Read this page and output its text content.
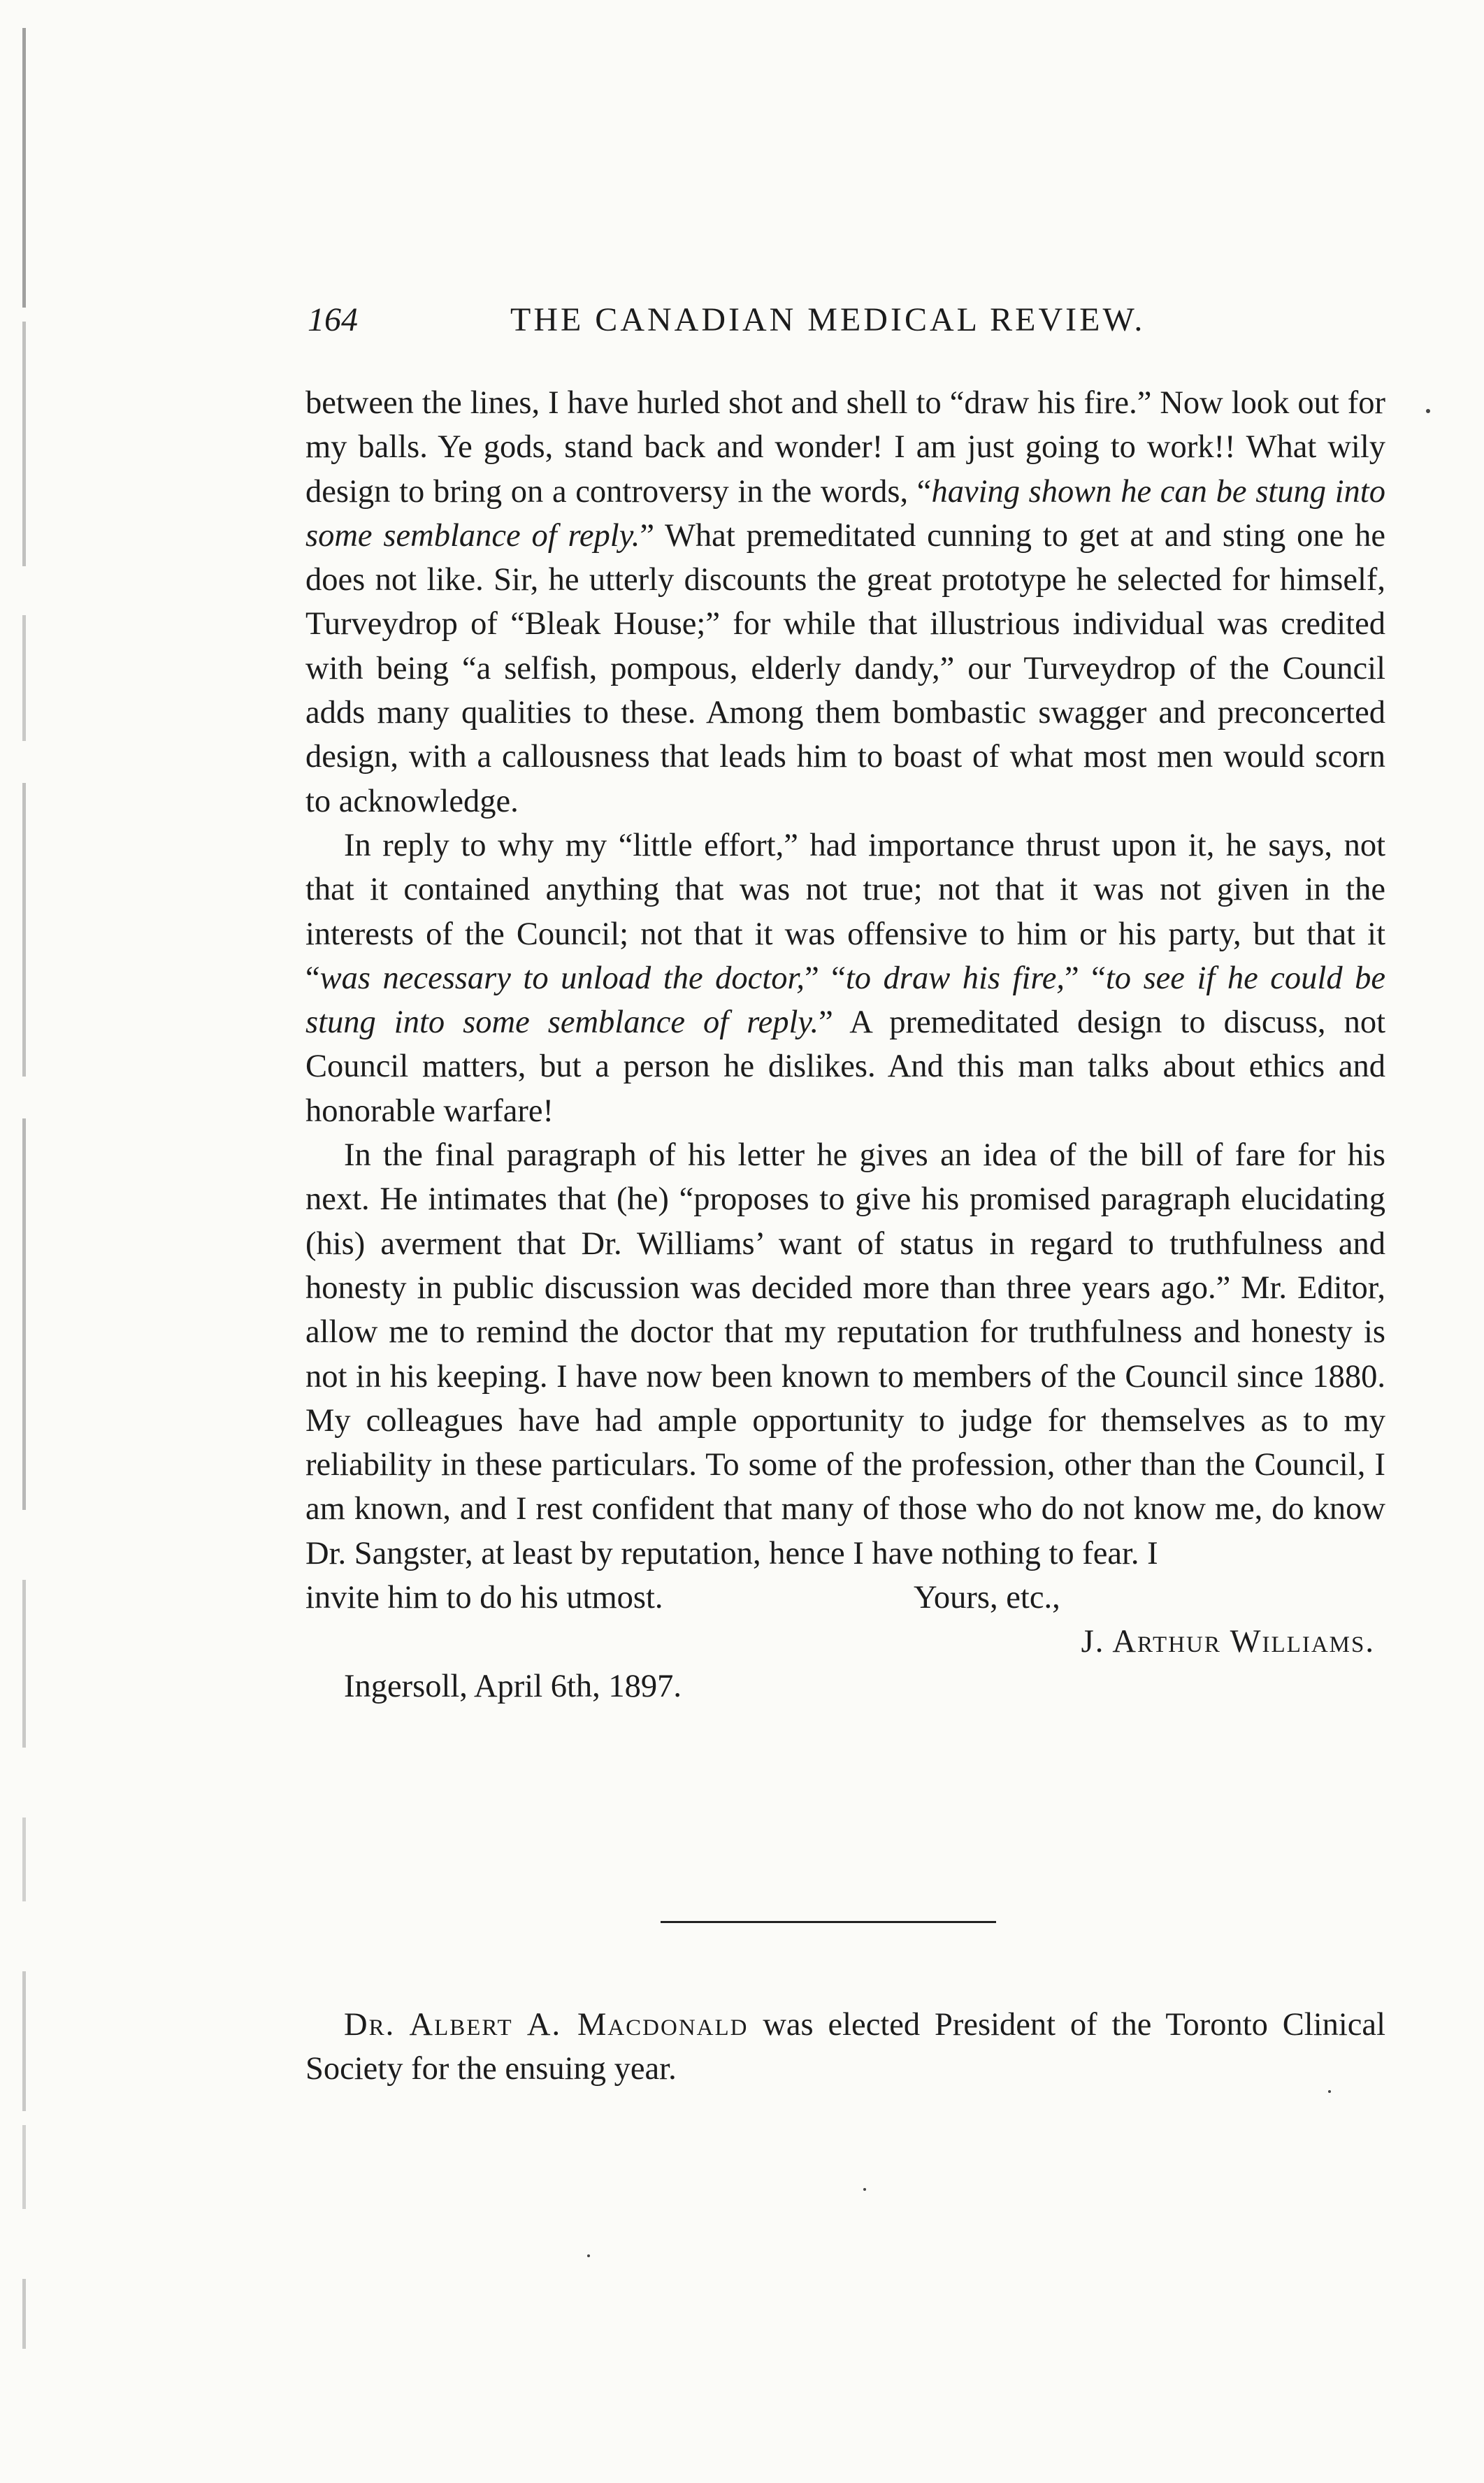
164	THE CANADIAN MEDICAL REVIEW.

between the lines, I have hurled shot and shell to “draw his fire.” Now look out for my balls. Ye gods, stand back and wonder! I am just going to work!! What wily design to bring on a controversy in the words, “having shown he can be stung into some semblance of reply.” What premeditated cunning to get at and sting one he does not like. Sir, he utterly discounts the great prototype he selected for himself, Turveydrop of “Bleak House;” for while that illustrious individual was credited with being “a selfish, pompous, elderly dandy,” our Turveydrop of the Council adds many qualities to these. Among them bombastic swagger and preconcerted design, with a callousness that leads him to boast of what most men would scorn to acknowledge.

In reply to why my “little effort,” had importance thrust upon it, he says, not that it contained anything that was not true; not that it was not given in the interests of the Council; not that it was offensive to him or his party, but that it “was necessary to unload the doctor,” “to draw his fire,” “to see if he could be stung into some semblance of reply.” A premeditated design to discuss, not Council matters, but a person he dislikes. And this man talks about ethics and honorable warfare!

In the final paragraph of his letter he gives an idea of the bill of fare for his next. He intimates that (he) “proposes to give his promised paragraph elucidating (his) averment that Dr. Williams’ want of status in regard to truthfulness and honesty in public discussion was decided more than three years ago.” Mr. Editor, allow me to remind the doctor that my reputation for truthfulness and honesty is not in his keeping. I have now been known to members of the Council since 1880. My colleagues have had ample opportunity to judge for themselves as to my reliability in these particulars. To some of the profession, other than the Council, I am known, and I rest confident that many of those who do not know me, do know Dr. Sangster, at least by reputation, hence I have nothing to fear. I

invite him to do his utmost.	Yours, etc.,

J. Arthur Williams.

Ingersoll, April 6th, 1897.

Dr. Albert A. Macdonald was elected President of the Toronto Clinical Society for the ensuing year.
